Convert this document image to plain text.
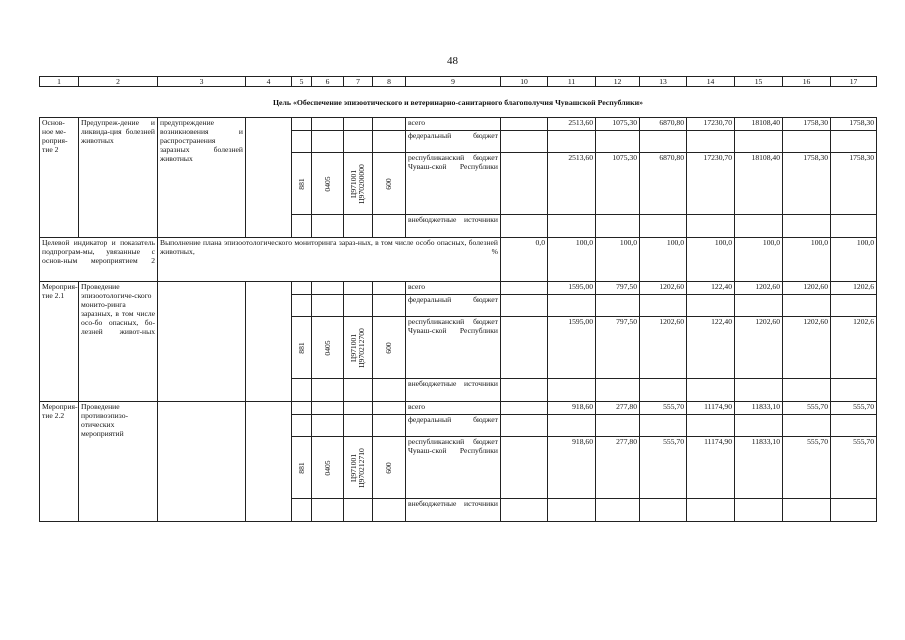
48
1	2	3	4	5	6	7	8	9	10	11	12	13	14	15	16	17
Цель «Обеспечение эпизоотического и ветеринарно-санитарного благополучия Чувашской Республики»																
Основ-ное ме-роприя-тие 2	Предупреж-дение и ликвида-ция болезней животных	предупреждение возникновения и распространения заразных болезней животных						всего		2513,60	1075,30	6870,80	17230,70	18108,40	1758,30	1758,30
								федеральный бюджет								

				881	0405	Ц971001 Ц970200000	600	республиканский бюджет Чуваш-ской Республики		2513,60	1075,30	6870,80	17230,70	18108,40	1758,30	1758,30
								внебюджетные источники								
Целевой индикатор и показатель подпрограм-мы, увязанные с основ-ным мероприятием 2		Выполнение плана эпизоотологического мониторинга зараз-ных, в том числе особо опасных, болезней животных, %							0,0	100,0	100,0	100,0	100,0	100,0	100,0	100,0
Мероприя-тие 2.1	Проведение эпизоотологиче-ского монито-ринга заразных, в том числе осо-бо опасных, бо-лезней живот-ных							всего		1595,00	797,50	1202,60	122,40	1202,60	1202,60	1202,6
								федеральный бюджет								

				881	0405	Ц971001 Ц970212700	600	республиканский бюджет Чуваш-ской Республики		1595,00	797,50	1202,60	122,40	1202,60	1202,60	1202,6
								внебюджетные источники								
Мероприя-тие 2.2	Проведение противоэпизо-отических мероприятий							всего		918,60	277,80	555,70	11174,90	11833,10	555,70	555,70
								федеральный бюджет								

				881	0405	Ц971001 Ц970212710	600	республиканский бюджет Чуваш-ской Республики		918,60	277,80	555,70	11174,90	11833,10	555,70	555,70
								внебюджетные источники								
